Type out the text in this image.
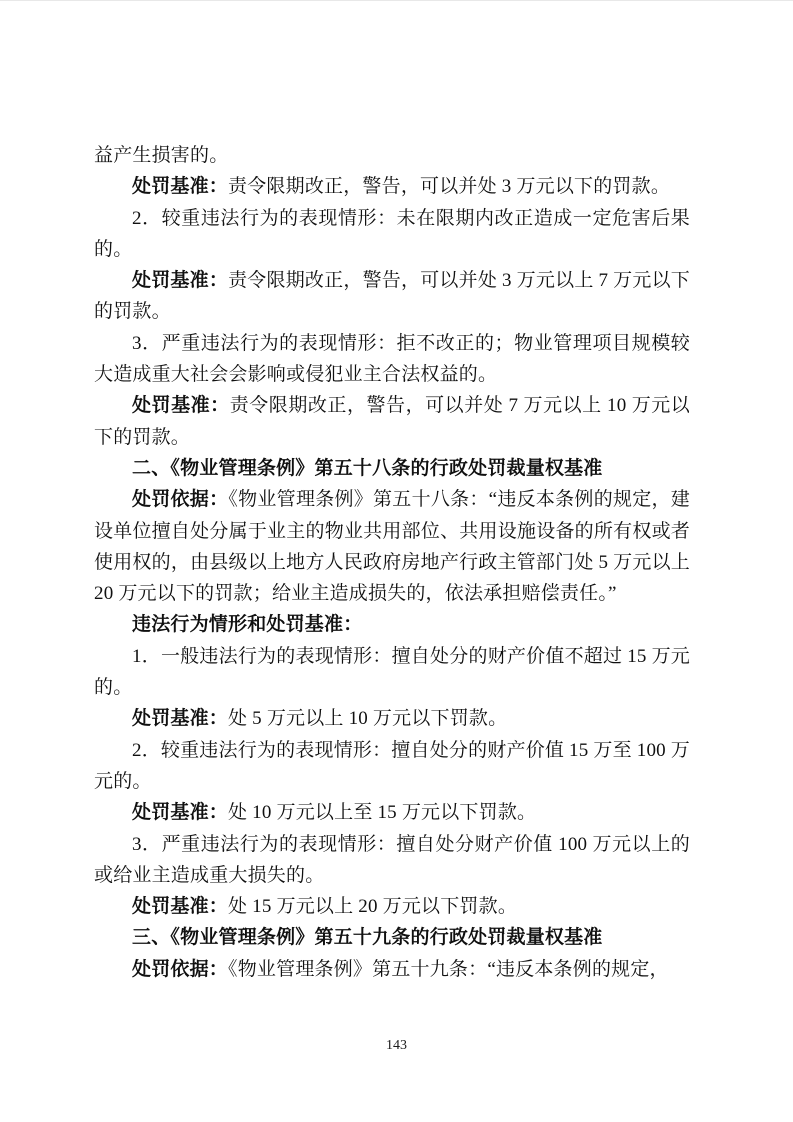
益产生损害的。

处罚基准：责令限期改正，警告，可以并处 3 万元以下的罚款。

2．较重违法行为的表现情形：未在限期内改正造成一定危害后果的。

处罚基准：责令限期改正，警告，可以并处 3 万元以上 7 万元以下的罚款。

3．严重违法行为的表现情形：拒不改正的；物业管理项目规模较大造成重大社会会影响或侵犯业主合法权益的。

处罚基准：责令限期改正，警告，可以并处 7 万元以上 10 万元以下的罚款。

二、《物业管理条例》第五十八条的行政处罚裁量权基准

处罚依据：《物业管理条例》第五十八条：“违反本条例的规定，建设单位擅自处分属于业主的物业共用部位、共用设施设备的所有权或者使用权的，由县级以上地方人民政府房地产行政主管部门处 5 万元以上 20 万元以下的罚款；给业主造成损失的，依法承担赔偿责任。”

违法行为情形和处罚基准：

1．一般违法行为的表现情形：擅自处分的财产价值不超过 15 万元的。

处罚基准：处 5 万元以上 10 万元以下罚款。

2．较重违法行为的表现情形：擅自处分的财产价值 15 万至 100 万元的。

处罚基准：处 10 万元以上至 15 万元以下罚款。

3．严重违法行为的表现情形：擅自处分财产价值 100 万元以上的或给业主造成重大损失的。

处罚基准：处 15 万元以上 20 万元以下罚款。

三、《物业管理条例》第五十九条的行政处罚裁量权基准

处罚依据：《物业管理条例》第五十九条：“违反本条例的规定，

143
